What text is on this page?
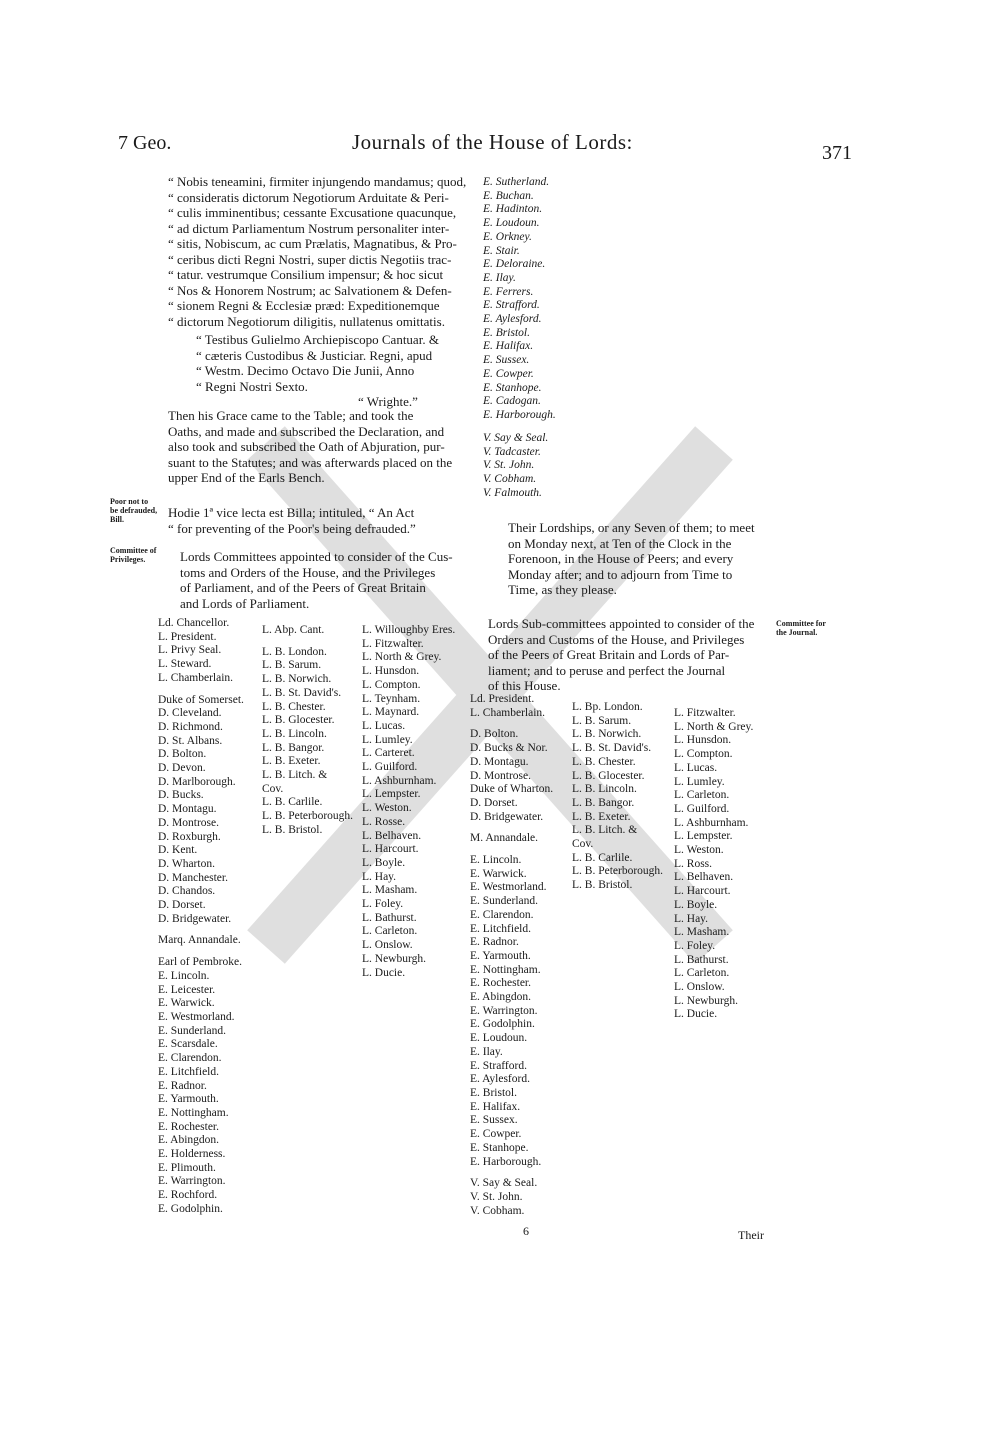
7 Geo.	Journals of the House of Lords:	371
“ Nobis teneamini, firmiter injungendo mandamus; quod,
“ consideratis dictorum Negotiorum Arduitate & Peri-
“ culis imminentibus; cessante Excusatione quacunque,
“ ad dictum Parliamentum Nostrum personaliter inter-
“ sitis, Nobiscum, ac cum Prælatis, Magnatibus, & Pro-
“ ceribus dicti Regni Nostri, super dictis Negotiis trac-
“ tatur. vestrumque Consilium impensur; & hoc sicut
“ Nos & Honorem Nostrum; ac Salvationem & Defen-
“ sionem Regni & Ecclesiæ præd: Expeditionemque
“ dictorum Negotiorum diligitis, nullatenus omittatis.
“ Testibus Gulielmo Archiepiscopo Cantuar. &
“ cæteris Custodibus & Justiciar. Regni, apud
“ Westm. Decimo Octavo Die Junii, Anno
“ Regni Nostri Sexto.
“ Wrighte.”
Then his Grace came to the Table; and took the
Oaths, and made and subscribed the Declaration, and
also took and subscribed the Oath of Abjuration, pur-
suant to the Statutes; and was afterwards placed on the
upper End of the Earls Bench.
E. Sutherland.
E. Buchan.
E. Hadinton.
E. Loudoun.
E. Orkney.
E. Stair.
E. Deloraine.
E. Ilay.
E. Ferrers.
E. Strafford.
E. Aylesford.
E. Bristol.
E. Halifax.
E. Sussex.
E. Cowper.
E. Stanhope.
E. Cadogan.
E. Harborough.
V. Say & Seal.
V. Tadcaster.
V. St. John.
V. Cobham.
V. Falmouth.
Poor not to
be defrauded,
Bill.
Committee of
Privileges.
Committee for
the Journal.
Hodie 1ª vice lecta est Billa; intituled, “ An Act
“ for preventing of the Poor's being defrauded.”
Lords Committees appointed to consider of the Cus-
toms and Orders of the House, and the Privileges
of Parliament, and of the Peers of Great Britain
and Lords of Parliament.
Their Lordships, or any Seven of them; to meet
on Monday next, at Ten of the Clock in the
Forenoon, in the House of Peers; and every
Monday after; and to adjourn from Time to
Time, as they please.
Lords Sub-committees appointed to consider of the
Orders and Customs of the House, and Privileges
of the Peers of Great Britain and Lords of Par-
liament; and to peruse and perfect the Journal
of this House.
Ld. Chancellor.
L. President.
L. Privy Seal.
L. Steward.
L. Chamberlain.
Duke of Somerset.
D. Cleveland.
D. Richmond.
D. St. Albans.
D. Bolton.
D. Devon.
D. Marlborough.
D. Bucks.
D. Montagu.
D. Montrose.
D. Roxburgh.
D. Kent.
D. Wharton.
D. Manchester.
D. Chandos.
D. Dorset.
D. Bridgewater.
Marq. Annandale.
Earl of Pembroke.
E. Lincoln.
E. Leicester.
E. Warwick.
E. Westmorland.
E. Sunderland.
E. Scarsdale.
E. Clarendon.
E. Litchfield.
E. Radnor.
E. Yarmouth.
E. Nottingham.
E. Rochester.
E. Abingdon.
E. Holderness.
E. Plimouth.
E. Warrington.
E. Rochford.
E. Godolphin.
L. Abp. Cant.
L. B. London.
L. B. Sarum.
L. B. Norwich.
L. B. St. David's.
L. B. Chester.
L. B. Glocester.
L. B. Lincoln.
L. B. Bangor.
L. B. Exeter.
L. B. Litch. &
Cov.
L. B. Carlile.
L. B. Peterborough.
L. B. Bristol.
L. Willoughby Eres.
L. Fitzwalter.
L. North & Grey.
L. Hunsdon.
L. Compton.
L. Teynham.
L. Maynard.
L. Lucas.
L. Lumley.
L. Carteret.
L. Guilford.
L. Ashburnham.
L. Lempster.
L. Weston.
L. Rosse.
L. Belhaven.
L. Harcourt.
L. Boyle.
L. Hay.
L. Masham.
L. Foley.
L. Bathurst.
L. Carleton.
L. Onslow.
L. Newburgh.
L. Ducie.
Ld. President.
L. Chamberlain.
D. Bolton.
D. Bucks & Nor.
D. Montagu.
D. Montrose.
Duke of Wharton.
D. Dorset.
D. Bridgewater.
M. Annandale.
E. Lincoln.
E. Warwick.
E. Westmorland.
E. Sunderland.
E. Clarendon.
E. Litchfield.
E. Radnor.
E. Yarmouth.
E. Nottingham.
E. Rochester.
E. Abingdon.
E. Warrington.
E. Godolphin.
E. Loudoun.
E. Ilay.
E. Strafford.
E. Aylesford.
E. Bristol.
E. Halifax.
E. Sussex.
E. Cowper.
E. Stanhope.
E. Harborough.
V. Say & Seal.
V. St. John.
V. Cobham.
L. Bp. London.
L. B. Sarum.
L. B. Norwich.
L. B. St. David's.
L. B. Chester.
L. B. Glocester.
L. B. Lincoln.
L. B. Bangor.
L. B. Exeter.
L. B. Litch. &
Cov.
L. B. Carlile.
L. B. Peterborough.
L. B. Bristol.
L. Fitzwalter.
L. North & Grey.
L. Hunsdon.
L. Compton.
L. Lucas.
L. Lumley.
L. Carleton.
L. Guilford.
L. Ashburnham.
L. Lempster.
L. Weston.
L. Ross.
L. Belhaven.
L. Harcourt.
L. Boyle.
L. Hay.
L. Masham.
L. Foley.
L. Bathurst.
L. Carleton.
L. Onslow.
L. Newburgh.
L. Ducie.
6	Their
